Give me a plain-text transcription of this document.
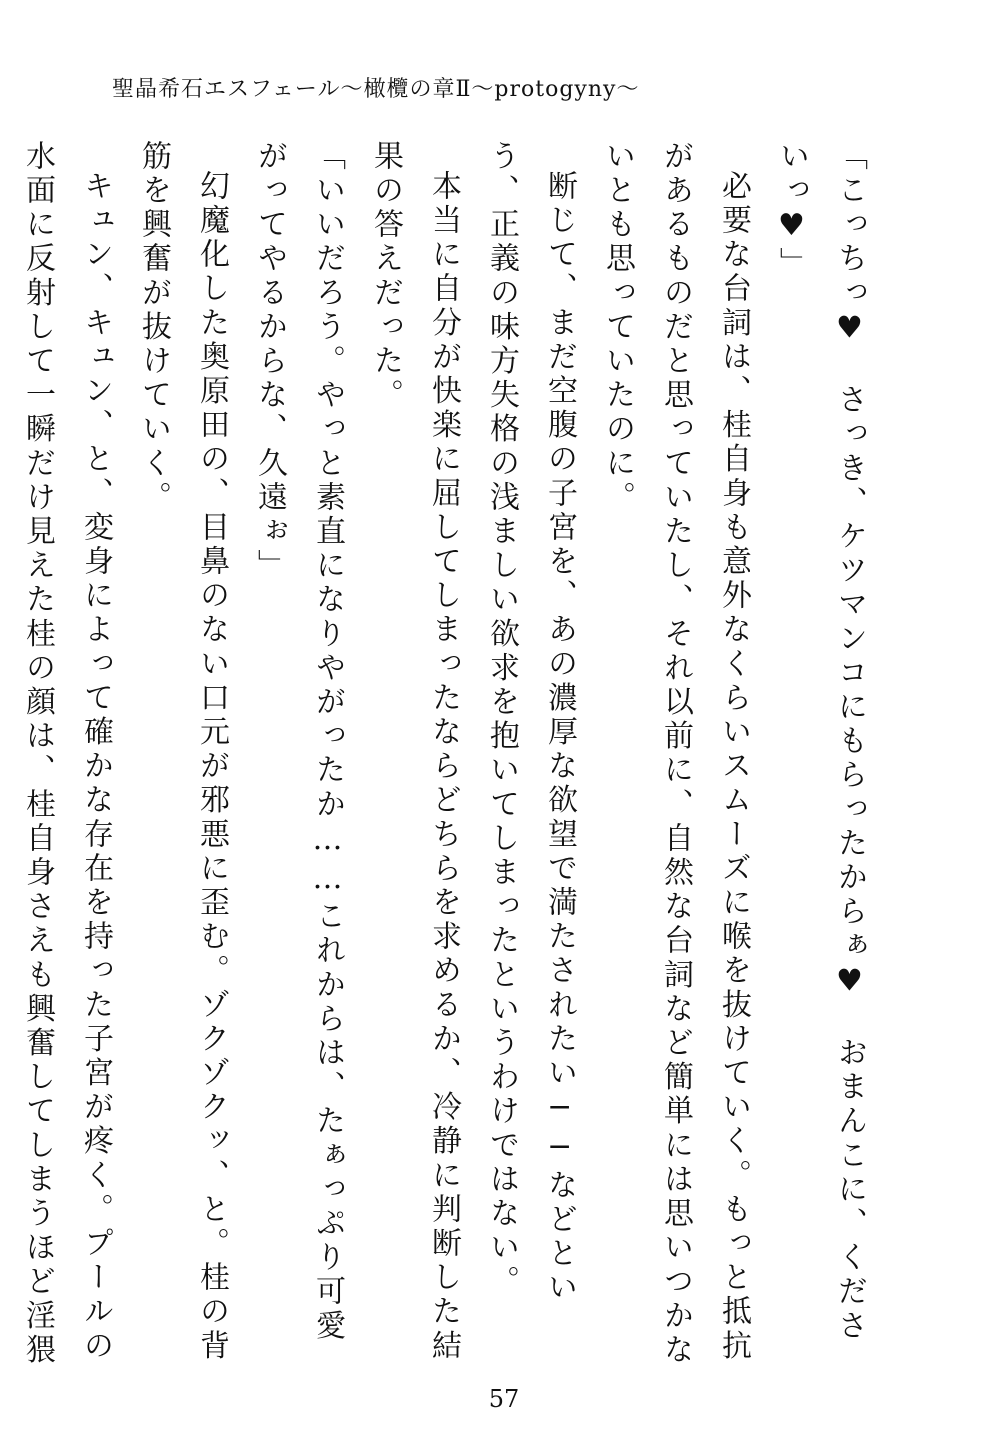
聖晶希石エスフェール〜橄欖の章Ⅱ〜protogyny〜

「こっちっ♥　さっき、ケツマンコにもらったからぁ♥　おまんこに、くださいっ♥」

必要な台詞は、桂自身も意外なくらいスムーズに喉を抜けていく。もっと抵抗があるものだと思っていたし、それ以前に、自然な台詞など簡単には思いつかないとも思っていたのに。

断じて、まだ空腹の子宮を、あの濃厚な欲望で満たされたい──などという、正義の味方失格の浅ましい欲求を抱いてしまったというわけではない。

本当に自分が快楽に屈してしまったならどちらを求めるか、冷静に判断した結果の答えだった。

「いいだろう。やっと素直になりやがったか……これからは、たぁっぷり可愛がってやるからな、久遠ぉ」

幻魔化した奥原田の、目鼻のない口元が邪悪に歪む。ゾクゾクッ、と。桂の背筋を興奮が抜けていく。

キュン、キュン、と、変身によって確かな存在を持った子宮が疼く。プールの水面に反射して一瞬だけ見えた桂の顔は、桂自身さえも興奮してしまうほど淫猥

57
